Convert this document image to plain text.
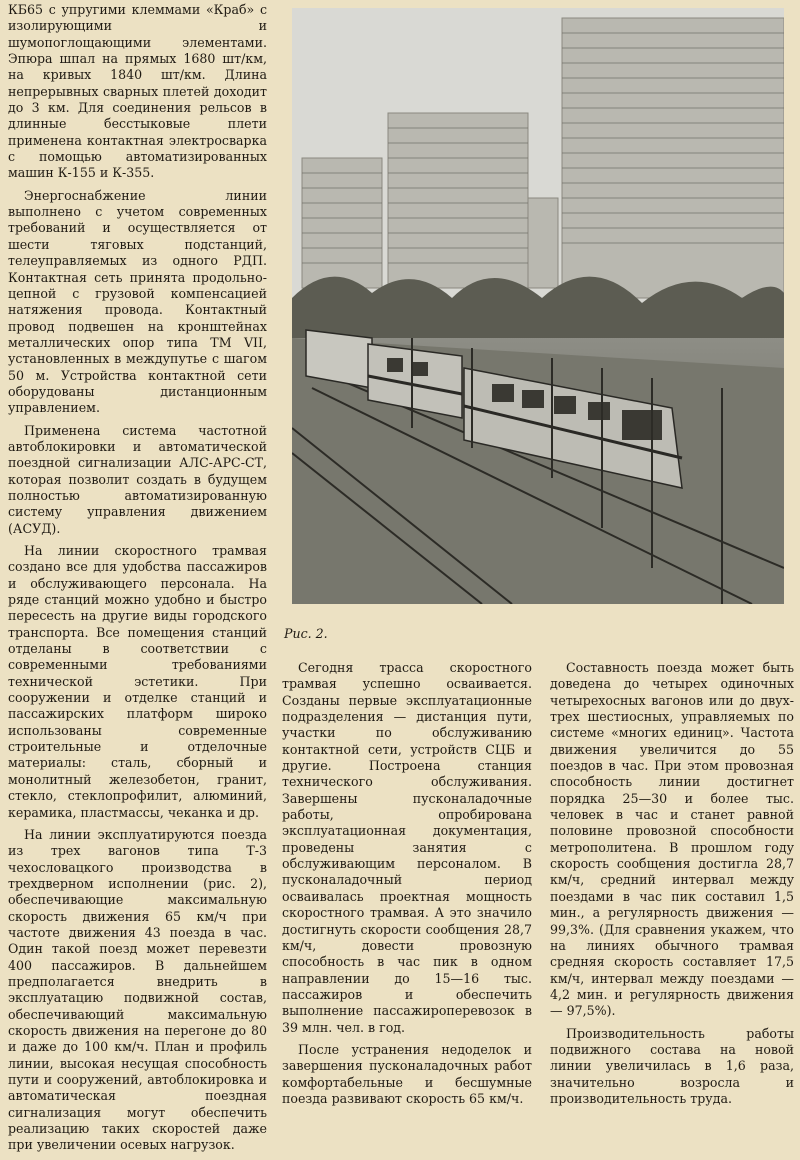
КБ65 с упругими клеммами «Краб» с изолирующими и шумопоглощающими элементами. Эпюра шпал на прямых 1680 шт/км, на кривых 1840 шт/км. Длина непрерывных сварных плетей доходит до 3 км. Для соединения рельсов в длинные бесстыковые плети применена контактная электросварка с помощью автоматизированных машин К-155 и К-355.

Энергоснабжение линии выполнено с учетом современных требований и осуществляется от шести тяговых подстанций, телеуправляемых из одного РДП. Контактная сеть принята продольно-цепной с грузовой компенсацией натяжения провода. Контактный провод подвешен на кронштейнах металлических опор типа ТМ VII, установленных в междупутье с шагом 50 м. Устройства контактной сети оборудованы дистанционным управлением.

Применена система частотной автоблокировки и автоматической поездной сигнализации АЛС-АРС-СТ, которая позволит создать в будущем полностью автоматизированную систему управления движением (АСУД).

На линии скоростного трамвая создано все для удобства пассажиров и обслуживающего персонала. На ряде станций можно удобно и быстро пересесть на другие виды городского транспорта. Все помещения станций отделаны в соответствии с современными требованиями технической эстетики. При сооружении и отделке станций и пассажирских платформ широко использованы современные строительные и отделочные материалы: сталь, сборный и монолитный железобетон, гранит, стекло, стеклопрофилит, алюминий, керамика, пластмассы, чеканка и др.

На линии эксплуатируются поезда из трех вагонов типа Т-3 чехословацкого производства в трехдверном исполнении (рис. 2), обеспечивающие максимальную скорость движения 65 км/ч при частоте движения 43 поезда в час. Один такой поезд может перевезти 400 пассажиров. В дальнейшем предполагается внедрить в эксплуатацию подвижной состав, обеспечивающий максимальную скорость движения на перегоне до 80 и даже до 100 км/ч. План и профиль линии, высокая несущая способность пути и сооружений, автоблокировка и автоматическая поездная сигнализация могут обеспечить реализацию таких скоростей даже при увеличении осевых нагрузок.

Рис. 2.

Сегодня трасса скоростного трамвая успешно осваивается. Созданы первые эксплуатационные подразделения — дистанция пути, участки по обслуживанию контактной сети, устройств СЦБ и другие. Построена станция технического обслуживания. Завершены пусконаладочные работы, опробирована эксплуатационная документация, проведены занятия с обслуживающим персоналом. В пусконаладочный период осваивалась проектная мощность скоростного трамвая. А это значило достигнуть скорости сообщения 28,7 км/ч, довести провозную способность в час пик в одном направлении до 15—16 тыс. пассажиров и обеспечить выполнение пассажироперевозок в 39 млн. чел. в год.

После устранения недоделок и завершения пусконаладочных работ комфортабельные и бесшумные поезда развивают скорость 65 км/ч.

Составность поезда может быть доведена до четырех одиночных четырехосных вагонов или до двух-трех шестиосных, управляемых по системе «многих единиц». Частота движения увеличится до 55 поездов в час. При этом провозная способность линии достигнет порядка 25—30 и более тыс. человек в час и станет равной половине провозной способности метрополитена. В прошлом году скорость сообщения достигла 28,7 км/ч, средний интервал между поездами в час пик составил 1,5 мин., а регулярность движения — 99,3%. (Для сравнения укажем, что на линиях обычного трамвая средняя скорость составляет 17,5 км/ч, интервал между поездами — 4,2 мин. и регулярность движения — 97,5%).

Производительность работы подвижного состава на новой линии увеличилась в 1,6 раза, значительно возросла и производительность труда.
